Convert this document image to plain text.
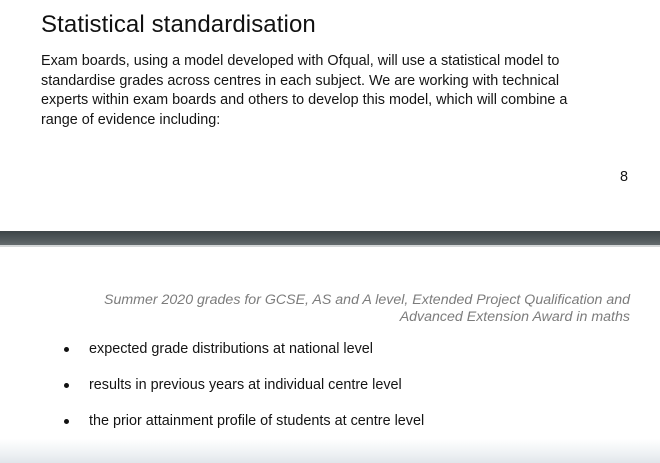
Statistical standardisation

Exam boards, using a model developed with Ofqual, will use a statistical model to
standardise grades across centres in each subject. We are working with technical
experts within exam boards and others to develop this model, which will combine a
range of evidence including:

8

Summer 2020 grades for GCSE, AS and A level, Extended Project Qualification and
Advanced Extension Award in maths

expected grade distributions at national level
results in previous years at individual centre level
the prior attainment profile of students at centre level
